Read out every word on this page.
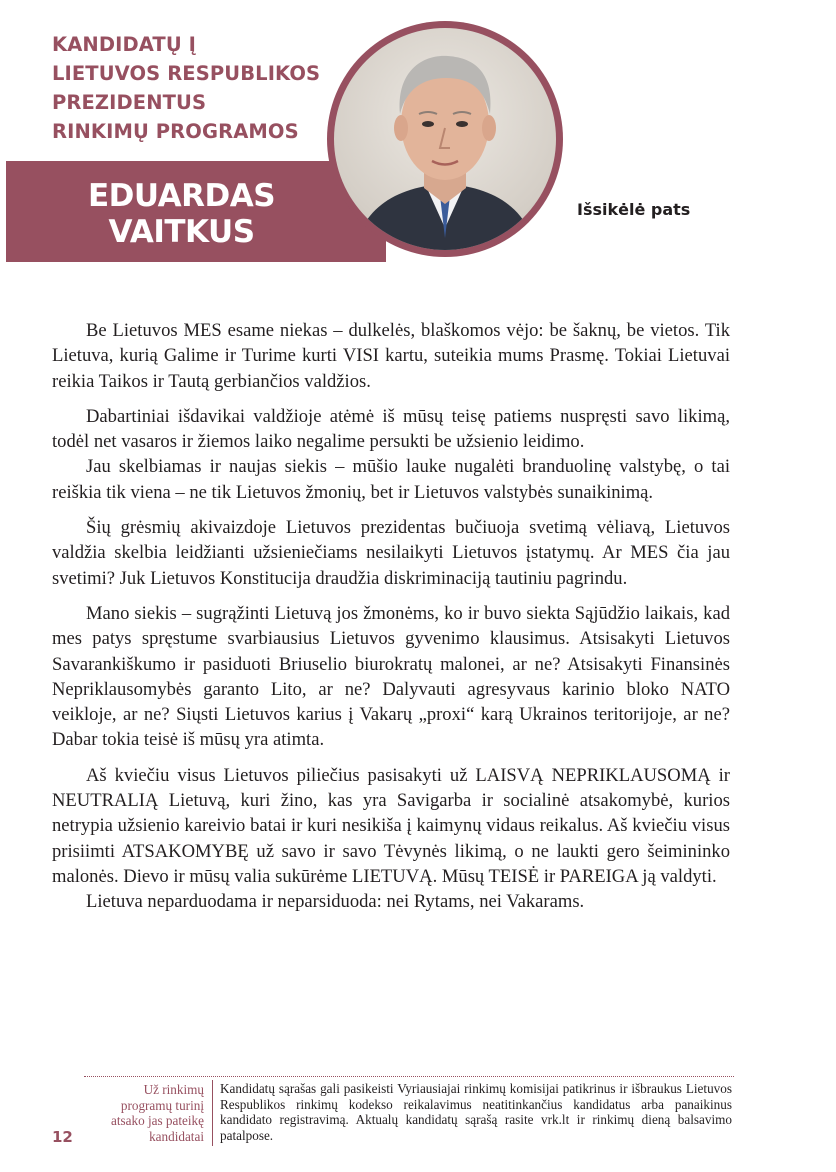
KANDIDATŲ Į
LIETUVOS RESPUBLIKOS
PREZIDENTUS
RINKIMŲ PROGRAMOS
EDUARDAS
VAITKUS
Išsikėlė pats

Be Lietuvos MES esame niekas – dulkelės, blaškomos vėjo: be šaknų, be vietos. Tik Lietuva, kurią Galime ir Turime kurti VISI kartu, suteikia mums Prasmę. Tokiai Lietuvai reikia Taikos ir Tautą gerbiančios valdžios.

Dabartiniai išdavikai valdžioje atėmė iš mūsų teisę patiems nuspręsti savo likimą, todėl net vasaros ir žiemos laiko negalime persukti be užsienio leidimo.

Jau skelbiamas ir naujas siekis – mūšio lauke nugalėti branduolinę valstybę, o tai reiškia tik viena – ne tik Lietuvos žmonių, bet ir Lietuvos valstybės sunaikinimą.

Šių grėsmių akivaizdoje Lietuvos prezidentas bučiuoja svetimą vėliavą, Lietuvos valdžia skelbia leidžianti užsieniečiams nesilaikyti Lietuvos įstatymų. Ar MES čia jau svetimi? Juk Lietuvos Konstitucija draudžia diskriminaciją tautiniu pagrindu.

Mano siekis – sugrąžinti Lietuvą jos žmonėms, ko ir buvo siekta Sąjūdžio laikais, kad mes patys spręstume svarbiausius Lietuvos gyvenimo klausimus. Atsisakyti Lietuvos Savarankiškumo ir pasiduoti Briuselio biurokratų malonei, ar ne? Atsisakyti Finansinės Nepriklausomybės garanto Lito, ar ne? Dalyvauti agresyvaus karinio bloko NATO veikloje, ar ne? Siųsti Lietuvos karius į Vakarų „proxi“ karą Ukrainos teritorijoje, ar ne? Dabar tokia teisė iš mūsų yra atimta.

Aš kviečiu visus Lietuvos piliečius pasisakyti už LAISVĄ NEPRIKLAUSOMĄ ir NEUTRALIĄ Lietuvą, kuri žino, kas yra Savigarba ir socialinė atsakomybė, kurios netrypia užsienio kareivio batai ir kuri nesikiša į kaimynų vidaus reikalus. Aš kviečiu visus prisiimti ATSAKOMYBĘ už savo ir savo Tėvynės likimą, o ne laukti gero šeimininko malonės. Dievo ir mūsų valia sukūrėme LIETUVĄ. Mūsų TEISĖ ir PAREIGA ją valdyti.

Lietuva neparduodama ir neparsiduoda: nei Rytams, nei Vakarams.

Už rinkimų programų turinį atsako jas pateikę kandidatai
Kandidatų sąrašas gali pasikeisti Vyriausiajai rinkimų komisijai patikrinus ir išbraukus Lietuvos Respublikos rinkimų kodekso reikalavimus neatitinkančius kandidatus arba panaikinus kandidato registravimą. Aktualų kandidatų sąrašą rasite vrk.lt ir rinkimų dieną balsavimo patalpose.
12
